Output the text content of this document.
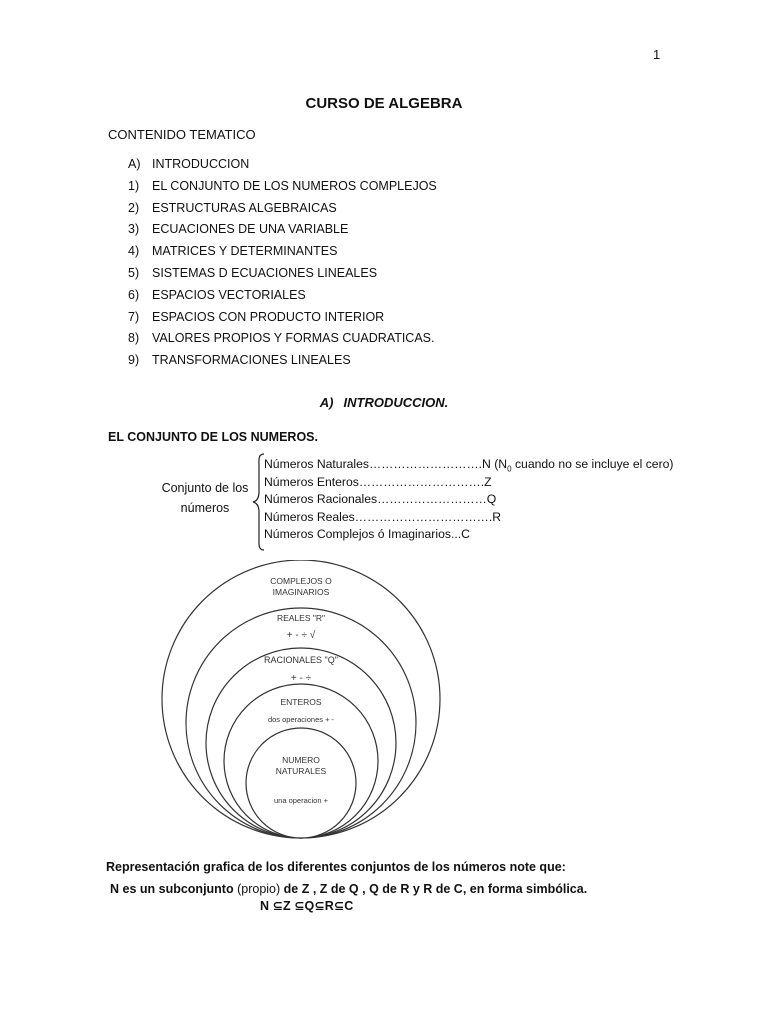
1
CURSO DE ALGEBRA
CONTENIDO TEMATICO
A) INTRODUCCION
1)	EL CONJUNTO DE LOS NUMEROS COMPLEJOS
2)	ESTRUCTURAS ALGEBRAICAS
3)	ECUACIONES DE UNA VARIABLE
4)	MATRICES Y DETERMINANTES
5)	SISTEMAS D ECUACIONES LINEALES
6)	ESPACIOS VECTORIALES
7)	ESPACIOS CON PRODUCTO INTERIOR
8)	VALORES PROPIOS Y FORMAS CUADRATICAS.
9)	TRANSFORMACIONES LINEALES
A) INTRODUCCION.
EL CONJUNTO DE LOS NUMEROS.
Conjunto de los números
Números Naturales……………………….N ($N_0$ cuando no se incluye el cero)
Números Enteros………………………….Z
Números Racionales………………………Q
Números Reales…………………………….R
Números Complejos ó Imaginarios...C
COMPLEJOS O
IMAGINARIOS
REALES "R"
+ - ÷ √
RACIONALES "Q"
+ - ÷
ENTEROS
dos operaciones + -
NUMERO
NATURALES
una operacion +
Representación grafica de los diferentes conjuntos de los números note que:
N es un subconjunto (propio) de Z , Z de Q , Q de R y R de C, en forma simbólica.
N ⊆Z ⊆Q⊆R⊆C
